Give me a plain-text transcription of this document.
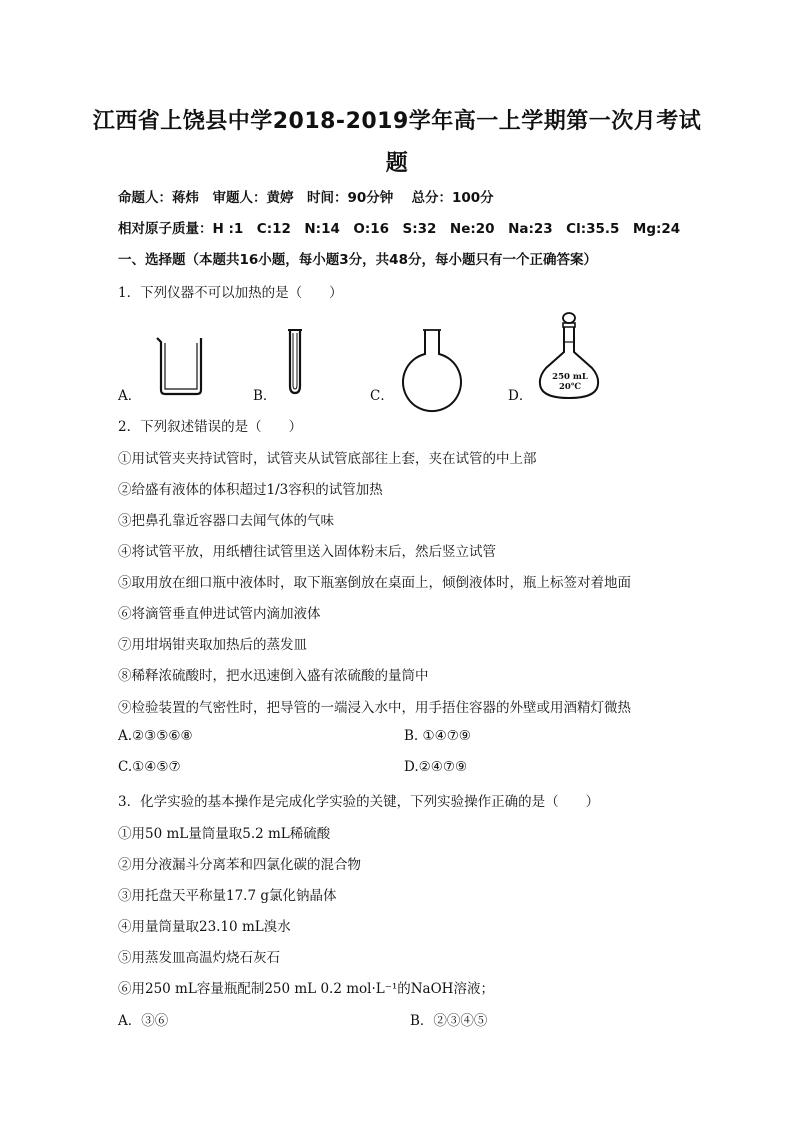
江西省上饶县中学2018-2019学年高一上学期第一次月考试
题
命题人：蒋炜　审题人：黄婷　时间：90分钟　 总分：100分
相对原子质量：H :1　C:12　N:14　O:16　S:32　Ne:20　Na:23　Cl:35.5　Mg:24
一、选择题（本题共16小题，每小题3分，共48分，每小题只有一个正确答案）
1．下列仪器不可以加热的是（　　）
A．	B．	C．	D．
250 mL
20℃
2．下列叙述错误的是（　　）
①用试管夹夹持试管时，试管夹从试管底部往上套，夹在试管的中上部
②给盛有液体的体积超过1/3容积的试管加热
③把鼻孔靠近容器口去闻气体的气味
④将试管平放，用纸槽往试管里送入固体粉末后，然后竖立试管
⑤取用放在细口瓶中液体时，取下瓶塞倒放在桌面上，倾倒液体时，瓶上标签对着地面
⑥将滴管垂直伸进试管内滴加液体
⑦用坩埚钳夹取加热后的蒸发皿
⑧稀释浓硫酸时，把水迅速倒入盛有浓硫酸的量筒中
⑨检验装置的气密性时，把导管的一端浸入水中，用手捂住容器的外壁或用酒精灯微热
A.②③⑤⑥⑧	B. ①④⑦⑨
C.①④⑤⑦	D.②④⑦⑨
3．化学实验的基本操作是完成化学实验的关键，下列实验操作正确的是（　　）
①用50 mL量筒量取5.2 mL稀硫酸
②用分液漏斗分离苯和四氯化碳的混合物
③用托盘天平称量17.7 g氯化钠晶体
④用量筒量取23.10 mL溴水
⑤用蒸发皿高温灼烧石灰石
⑥用250 mL容量瓶配制250 mL 0.2 mol·L⁻¹的NaOH溶液；
A．③⑥	B．②③④⑤
